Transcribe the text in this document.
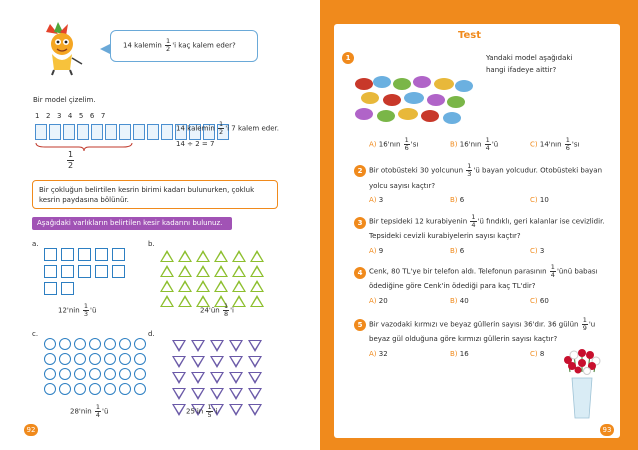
14 kalemin $\frac{1}{2}$ 'i kaç kalem eder?
Bir model çizelim.
1 2 3 4 5 6 7
$\frac{1}{2}$
14 kalemin $\frac{1}{2}$ 'i 7 kalem eder.
14 ÷ 2 = 7
Bir çokluğun belirtilen kesrin birimi kadarı bulunurken, çokluk kesrin paydasına bölünür.
Aşağıdaki varlıkların belirtilen kesir kadarını bulunuz.
a.
$12'nin \frac{1}{3}$ 'ü
b.
24'ün $\frac{1}{8}$ 'i
c.
$28'nin \frac{1}{4}$ 'ü
d.
$25'in \frac{1}{5}$ 'i
92
Test
1	Yandaki model aşağıdaki
hangi ifadeye aittir?
A) 16'nın $\frac{1}{6}$ 'sı	B) 16'nın $\frac{1}{4}$ 'ü	C) 14'nın $\frac{1}{6}$ 'sı
2 Bir otobüsteki 30 yolcunun $\frac{1}{3}$ 'ü bayan yolcudur. Otobüsteki bayan
yolcu sayısı kaçtır?
A) 3	B) 6	C) 10
3 Bir tepsideki 12 kurabiyenin $\frac{1}{4}$ 'ü fındıklı, geri kalanlar ise cevizlidir.
Tepsideki cevizli kurabiyelerin sayısı kaçtır?
A) 9	B) 6	C) 3
4 Cenk, 80 TL'ye bir telefon aldı. Telefonun parasının $\frac{1}{4}$ 'ünü babası
ödediğine göre Cenk'in ödediği para kaç TL'dir?
A) 20	B) 40	C) 60
5 Bir vazodaki kırmızı ve beyaz güllerin sayısı 36'dır. 36 gülün $\frac{1}{9}$ 'u
beyaz gül olduğuna göre kırmızı güllerin sayısı kaçtır?
A) 32	B) 16	C) 8
93
